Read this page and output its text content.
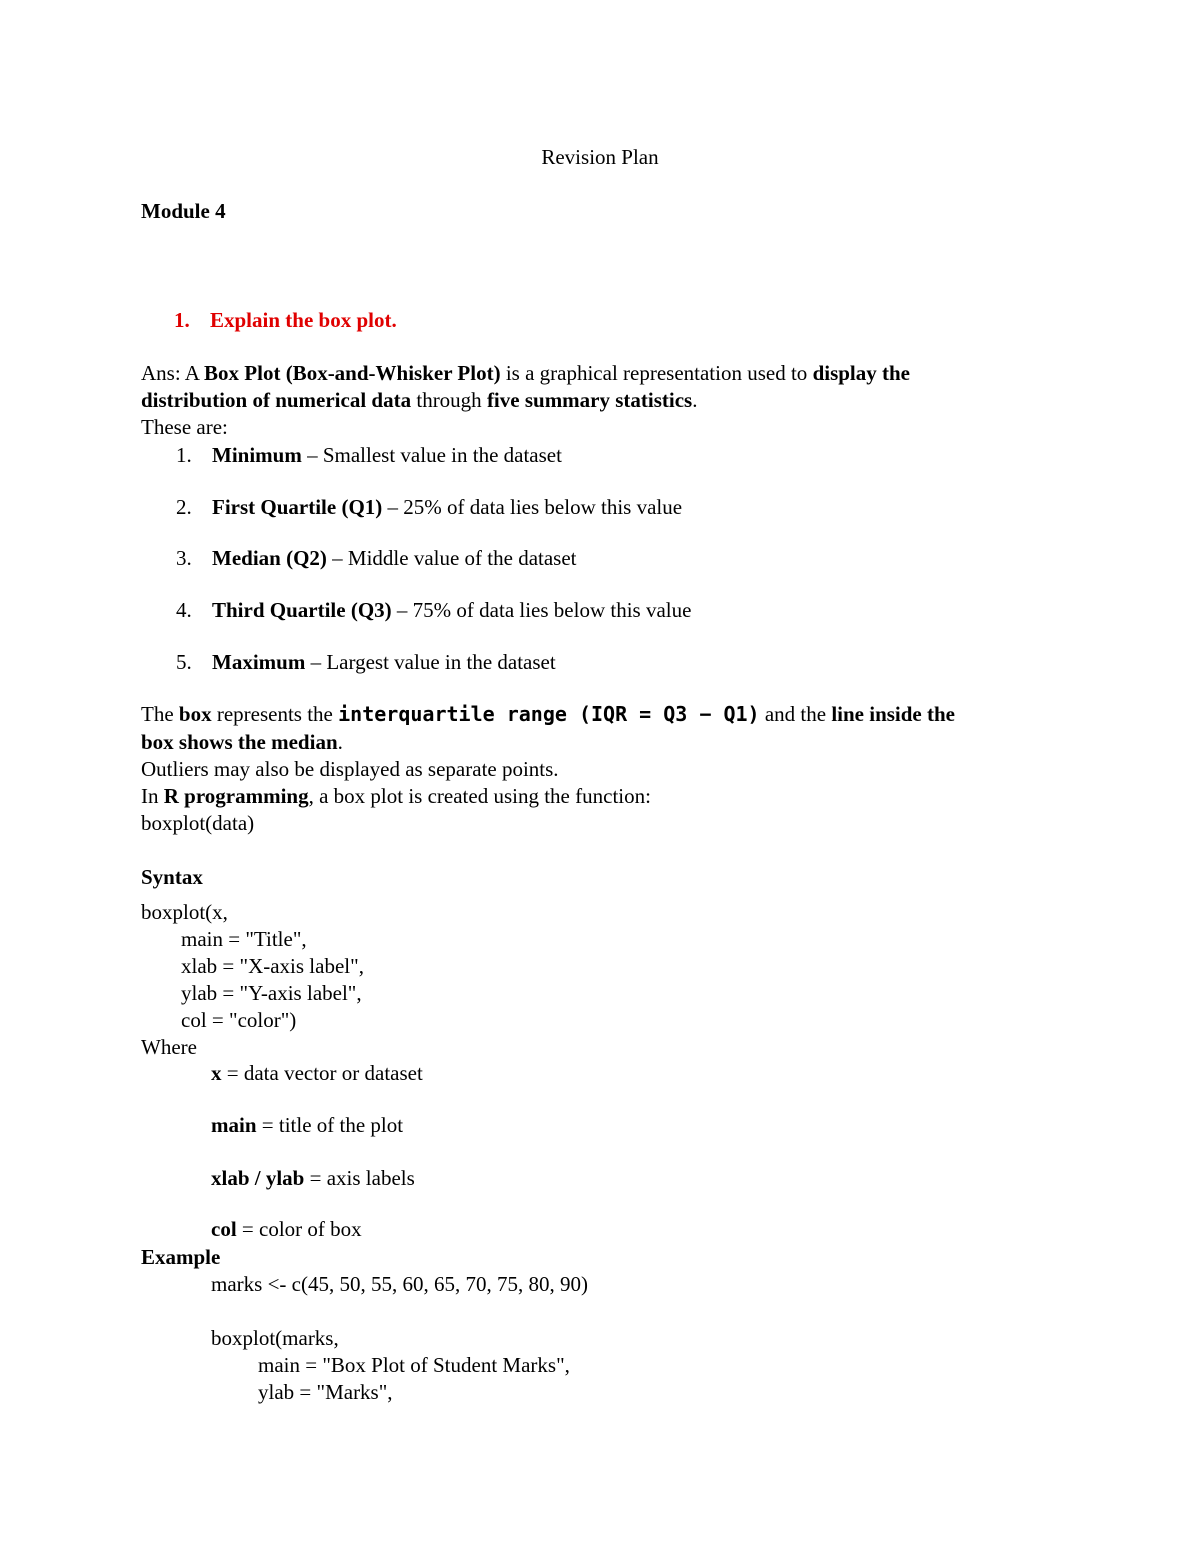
Revision Plan
Module 4
1. Explain the box plot.
Ans: A Box Plot (Box-and-Whisker Plot) is a graphical representation used to display the
distribution of numerical data through five summary statistics.
These are:
1. Minimum – Smallest value in the dataset
2. First Quartile (Q1) – 25% of data lies below this value
3. Median (Q2) – Middle value of the dataset
4. Third Quartile (Q3) – 75% of data lies below this value
5. Maximum – Largest value in the dataset
The box represents the interquartile range (IQR = Q3 − Q1) and the line inside the
box shows the median.
Outliers may also be displayed as separate points.
In R programming, a box plot is created using the function:
boxplot(data)
Syntax
boxplot(x,
main = "Title",
xlab = "X-axis label",
ylab = "Y-axis label",
col = "color")
Where
x = data vector or dataset
main = title of the plot
xlab / ylab = axis labels
col = color of box
Example
marks <- c(45, 50, 55, 60, 65, 70, 75, 80, 90)
boxplot(marks,
main = "Box Plot of Student Marks",
ylab = "Marks",
